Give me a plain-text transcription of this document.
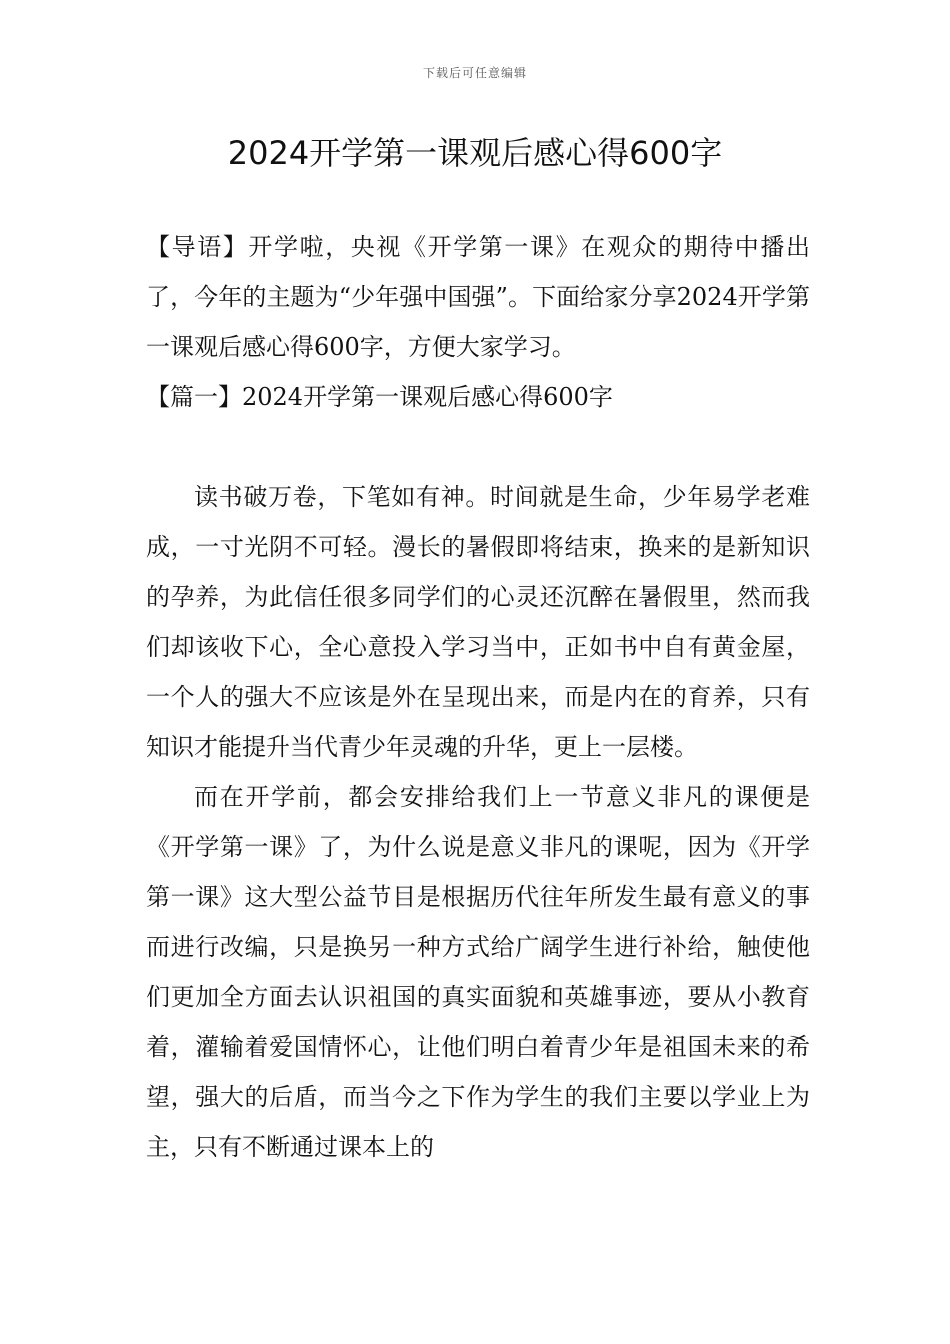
下载后可任意编辑
2024开学第一课观后感心得600字

【导语】开学啦，央视《开学第一课》在观众的期待中播出了，今年的主题为“少年强中国强”。下面给家分享2024开学第一课观后感心得600字，方便大家学习。

【篇一】2024开学第一课观后感心得600字

读书破万卷，下笔如有神。时间就是生命，少年易学老难成，一寸光阴不可轻。漫长的暑假即将结束，换来的是新知识的孕养，为此信任很多同学们的心灵还沉醉在暑假里，然而我们却该收下心，全心意投入学习当中，正如书中自有黄金屋，一个人的强大不应该是外在呈现出来，而是内在的育养，只有知识才能提升当代青少年灵魂的升华，更上一层楼。

而在开学前，都会安排给我们上一节意义非凡的课便是《开学第一课》了，为什么说是意义非凡的课呢，因为《开学第一课》这大型公益节目是根据历代往年所发生最有意义的事而进行改编，只是换另一种方式给广阔学生进行补给，触使他们更加全方面去认识祖国的真实面貌和英雄事迹，要从小教育着，灌输着爱国情怀心，让他们明白着青少年是祖国未来的希望，强大的后盾，而当今之下作为学生的我们主要以学业上为主，只有不断通过课本上的
